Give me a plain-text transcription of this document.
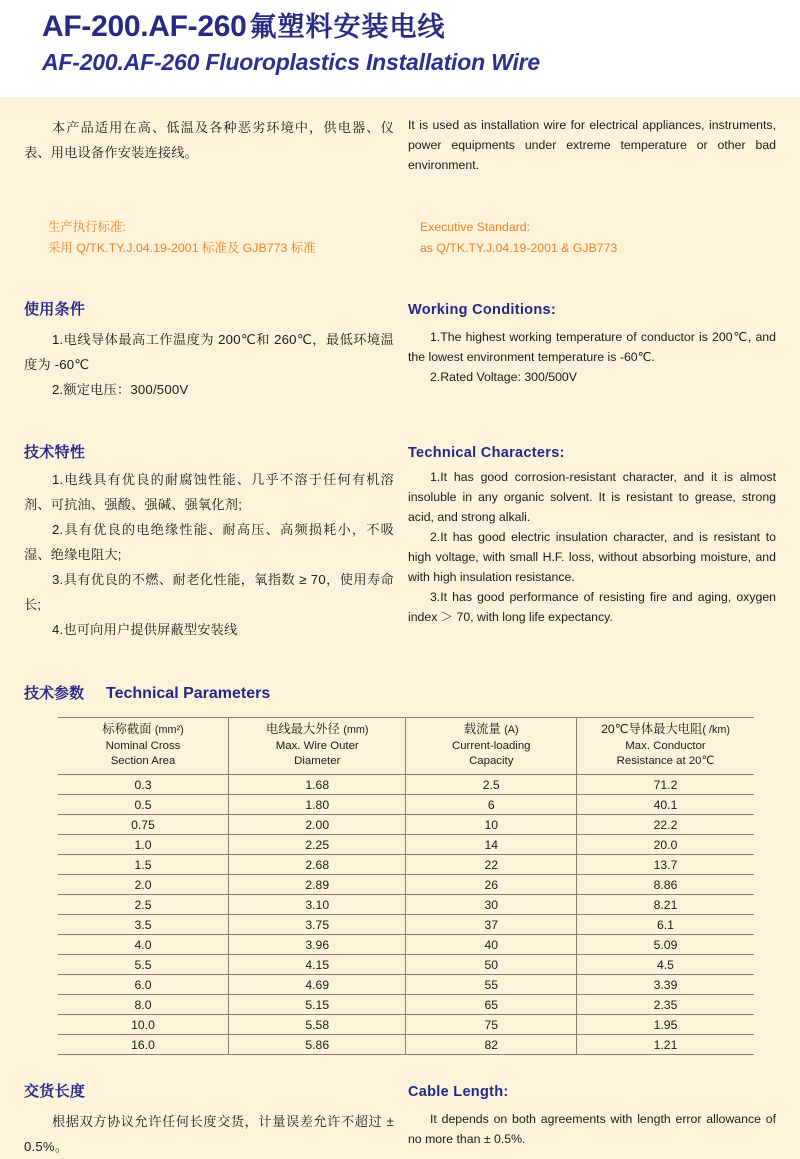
AF-200.AF-260 氟塑料安装电线
AF-200.AF-260 Fluoroplastics Installation Wire
本产品适用在高、低温及各种恶劣环境中，供电器、仪表、用电设备作安装连接线。
It is used as installation wire for electrical appliances, instruments, power equipments under extreme temperature or other bad environment.
生产执行标准:
采用 Q/TK.TY.J.04.19-2001 标准及 GJB773 标准
Executive Standard:
as Q/TK.TY.J.04.19-2001 & GJB773
使用条件
1.电线导体最高工作温度为 200℃和 260℃，最低环境温度为 -60℃
2.额定电压：300/500V
Working Conditions:
1.The highest working temperature of conductor is 200℃, and the lowest environment temperature is -60℃.
2.Rated Voltage: 300/500V
技术特性
1.电线具有优良的耐腐蚀性能、几乎不溶于任何有机溶剂、可抗油、强酸、强碱、强氧化剂;
2.具有优良的电绝缘性能、耐高压、高频损耗小，不吸湿、绝缘电阻大;
3.具有优良的不燃、耐老化性能，氧指数 ≥ 70，使用寿命长;
4.也可向用户提供屏蔽型安装线
Technical Characters:
1.It has good corrosion-resistant character, and it is almost insoluble in any organic solvent. It is resistant to grease, strong acid, and strong alkali.
2.It has good electric insulation character, and is resistant to high voltage, with small H.F. loss, without absorbing moisture, and with high insulation resistance.
3.It has good performance of resisting fire and aging, oxygen index ＞ 70, with long life expectancy.
技术参数 Technical Parameters
标称截面 (mm²)
Nominal Cross
Section Area

电线最大外径 (mm)
Max. Wire Outer
Diameter

载流量 (A)
Current-loading
Capacity

20℃导体最大电阻( /km)
Max. Conductor
Resistance at 20℃

0.3	1.68	2.5	71.2
0.5	1.80	6	40.1
0.75	2.00	10	22.2
1.0	2.25	14	20.0
1.5	2.68	22	13.7
2.0	2.89	26	8.86
2.5	3.10	30	8.21
3.5	3.75	37	6.1
4.0	3.96	40	5.09
5.5	4.15	50	4.5
6.0	4.69	55	3.39
8.0	5.15	65	2.35
10.0	5.58	75	1.95
16.0	5.86	82	1.21
交货长度
根据双方协议允许任何长度交货，计量误差允许不超过 ± 0.5%。
Cable Length:
It depends on both agreements with length error allowance of no more than ± 0.5%.
